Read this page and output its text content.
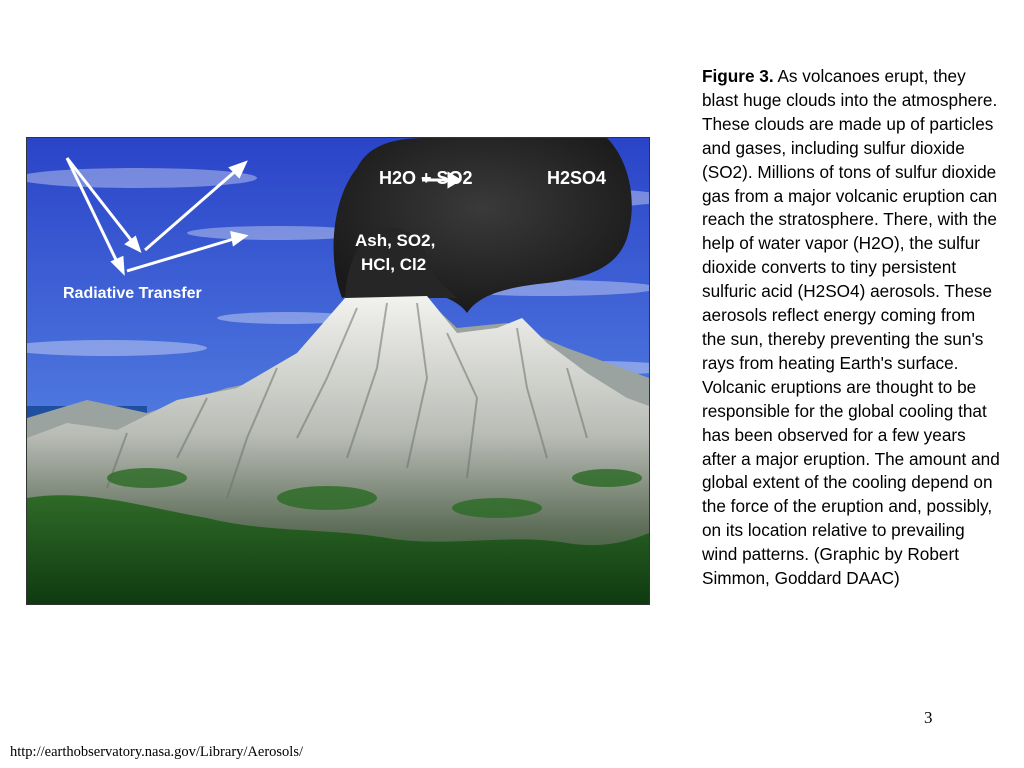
H2O + SO2	H2SO4
Ash, SO2,
HCl, Cl2
Radiative Transfer
Figure 3. As volcanoes erupt, they blast huge clouds into the atmosphere. These clouds are made up of particles and gases, including sulfur dioxide (SO2). Millions of tons of sulfur dioxide gas from a major volcanic eruption can reach the stratosphere. There, with the help of water vapor (H2O), the sulfur dioxide converts to tiny persistent sulfuric acid (H2SO4) aerosols. These aerosols reflect energy coming from the sun, thereby preventing the sun's rays from heating Earth's surface. Volcanic eruptions are thought to be responsible for the global cooling that has been observed for a few years after a major eruption. The amount and global extent of the cooling depend on the force of the eruption and, possibly, on its location relative to prevailing wind patterns. (Graphic by Robert Simmon, Goddard DAAC)
3
http://earthobservatory.nasa.gov/Library/Aerosols/
